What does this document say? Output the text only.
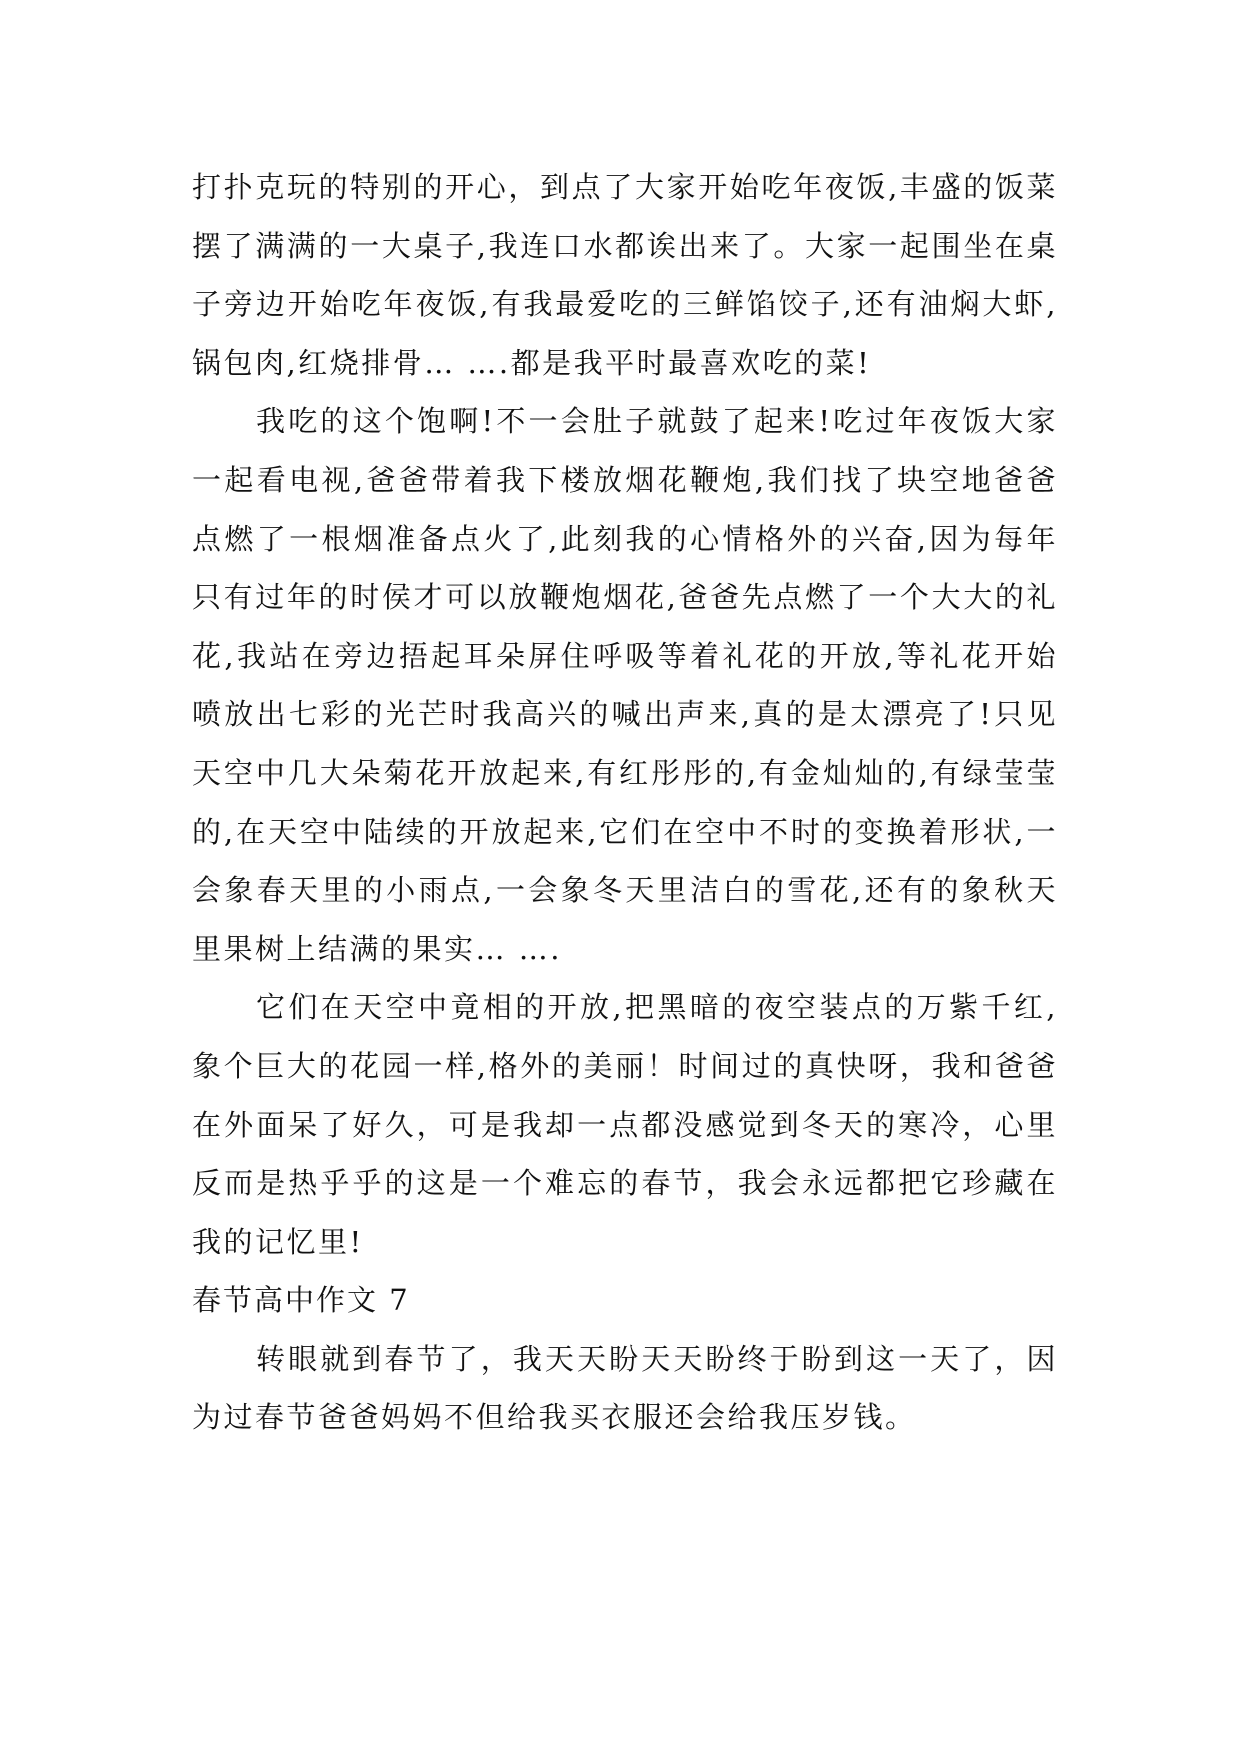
打扑克玩的特别的开心，到点了大家开始吃年夜饭,丰盛的饭菜摆了满满的一大桌子,我连口水都诶出来了。大家一起围坐在桌子旁边开始吃年夜饭,有我最爱吃的三鲜馅饺子,还有油焖大虾,锅包肉,红烧排骨… ….都是我平时最喜欢吃的菜!

我吃的这个饱啊!不一会肚子就鼓了起来!吃过年夜饭大家一起看电视,爸爸带着我下楼放烟花鞭炮,我们找了块空地爸爸点燃了一根烟准备点火了,此刻我的心情格外的兴奋,因为每年只有过年的时侯才可以放鞭炮烟花,爸爸先点燃了一个大大的礼花,我站在旁边捂起耳朵屏住呼吸等着礼花的开放,等礼花开始喷放出七彩的光芒时我高兴的喊出声来,真的是太漂亮了!只见天空中几大朵菊花开放起来,有红彤彤的,有金灿灿的,有绿莹莹的,在天空中陆续的开放起来,它们在空中不时的变换着形状,一会象春天里的小雨点,一会象冬天里洁白的雪花,还有的象秋天里果树上结满的果实… ….

它们在天空中竟相的开放,把黑暗的夜空装点的万紫千红,象个巨大的花园一样,格外的美丽！时间过的真快呀，我和爸爸在外面呆了好久，可是我却一点都没感觉到冬天的寒冷，心里反而是热乎乎的这是一个难忘的春节，我会永远都把它珍藏在我的记忆里!

春节高中作文 7

转眼就到春节了，我天天盼天天盼终于盼到这一天了，因为过春节爸爸妈妈不但给我买衣服还会给我压岁钱。
